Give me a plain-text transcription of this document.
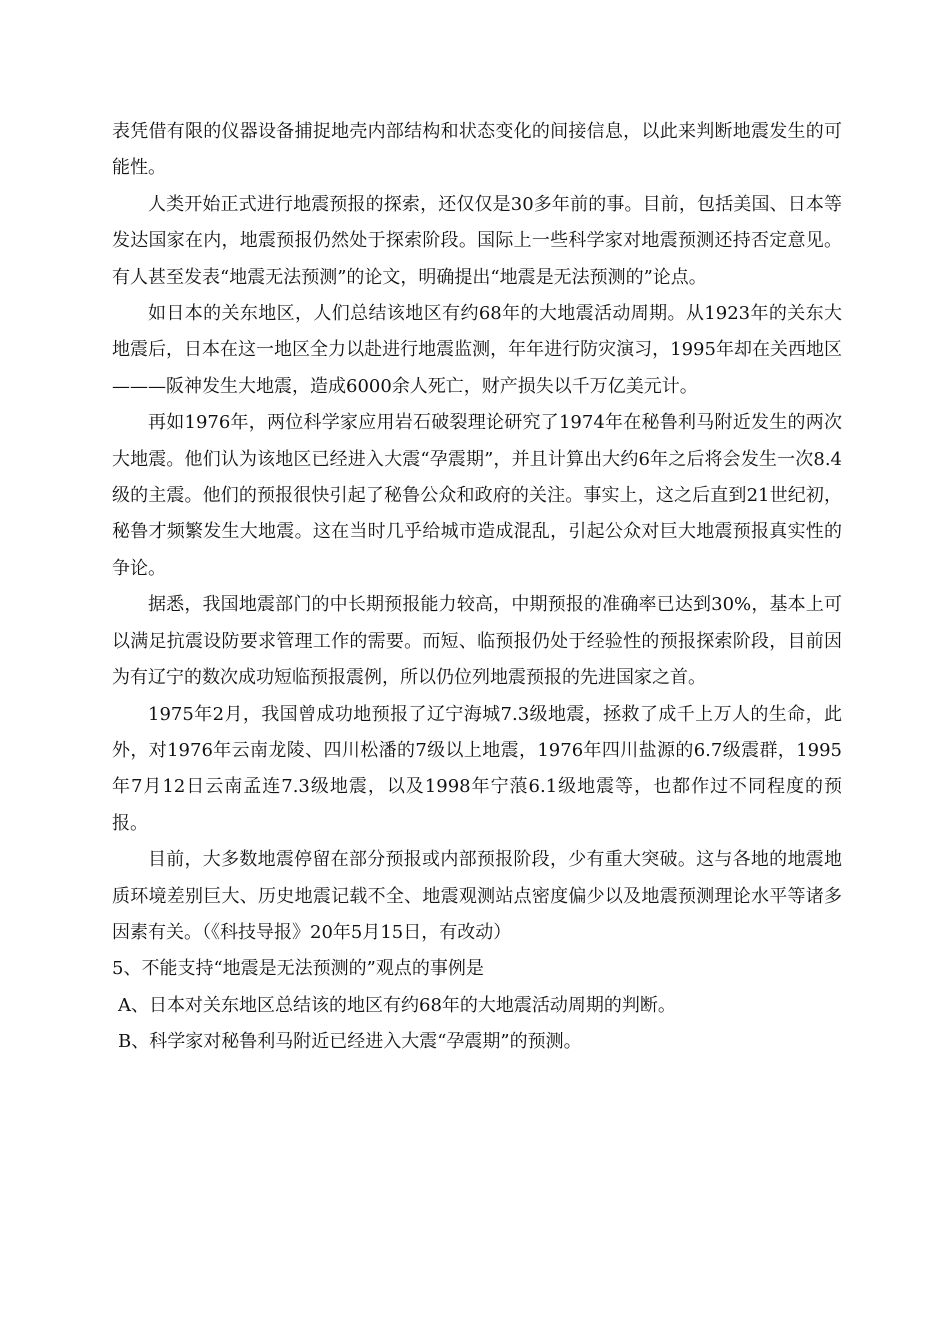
表凭借有限的仪器设备捕捉地壳内部结构和状态变化的间接信息，以此来判断地震发生的可能性。

人类开始正式进行地震预报的探索，还仅仅是30多年前的事。目前，包括美国、日本等发达国家在内，地震预报仍然处于探索阶段。国际上一些科学家对地震预测还持否定意见。有人甚至发表“地震无法预测”的论文，明确提出“地震是无法预测的”论点。

如日本的关东地区，人们总结该地区有约68年的大地震活动周期。从1923年的关东大地震后，日本在这一地区全力以赴进行地震监测，年年进行防灾演习，1995年却在关西地区———阪神发生大地震，造成6000余人死亡，财产损失以千万亿美元计。

再如1976年，两位科学家应用岩石破裂理论研究了1974年在秘鲁利马附近发生的两次大地震。他们认为该地区已经进入大震“孕震期”，并且计算出大约6年之后将会发生一次8.4级的主震。他们的预报很快引起了秘鲁公众和政府的关注。事实上，这之后直到21世纪初，秘鲁才频繁发生大地震。这在当时几乎给城市造成混乱，引起公众对巨大地震预报真实性的争论。

据悉，我国地震部门的中长期预报能力较高，中期预报的准确率已达到30%，基本上可以满足抗震设防要求管理工作的需要。而短、临预报仍处于经验性的预报探索阶段，目前因为有辽宁的数次成功短临预报震例，所以仍位列地震预报的先进国家之首。

1975年2月，我国曾成功地预报了辽宁海城7.3级地震，拯救了成千上万人的生命，此外，对1976年云南龙陵、四川松潘的7级以上地震，1976年四川盐源的6.7级震群，1995年7月12日云南孟连7.3级地震，以及1998年宁蒗6.1级地震等，也都作过不同程度的预报。

目前，大多数地震停留在部分预报或内部预报阶段，少有重大突破。这与各地的地震地质环境差别巨大、历史地震记载不全、地震观测站点密度偏少以及地震预测理论水平等诸多因素有关。（《科技导报》20年5月15日，有改动）

5、不能支持“地震是无法预测的”观点的事例是

A、日本对关东地区总结该的地区有约68年的大地震活动周期的判断。

B、科学家对秘鲁利马附近已经进入大震“孕震期”的预测。
